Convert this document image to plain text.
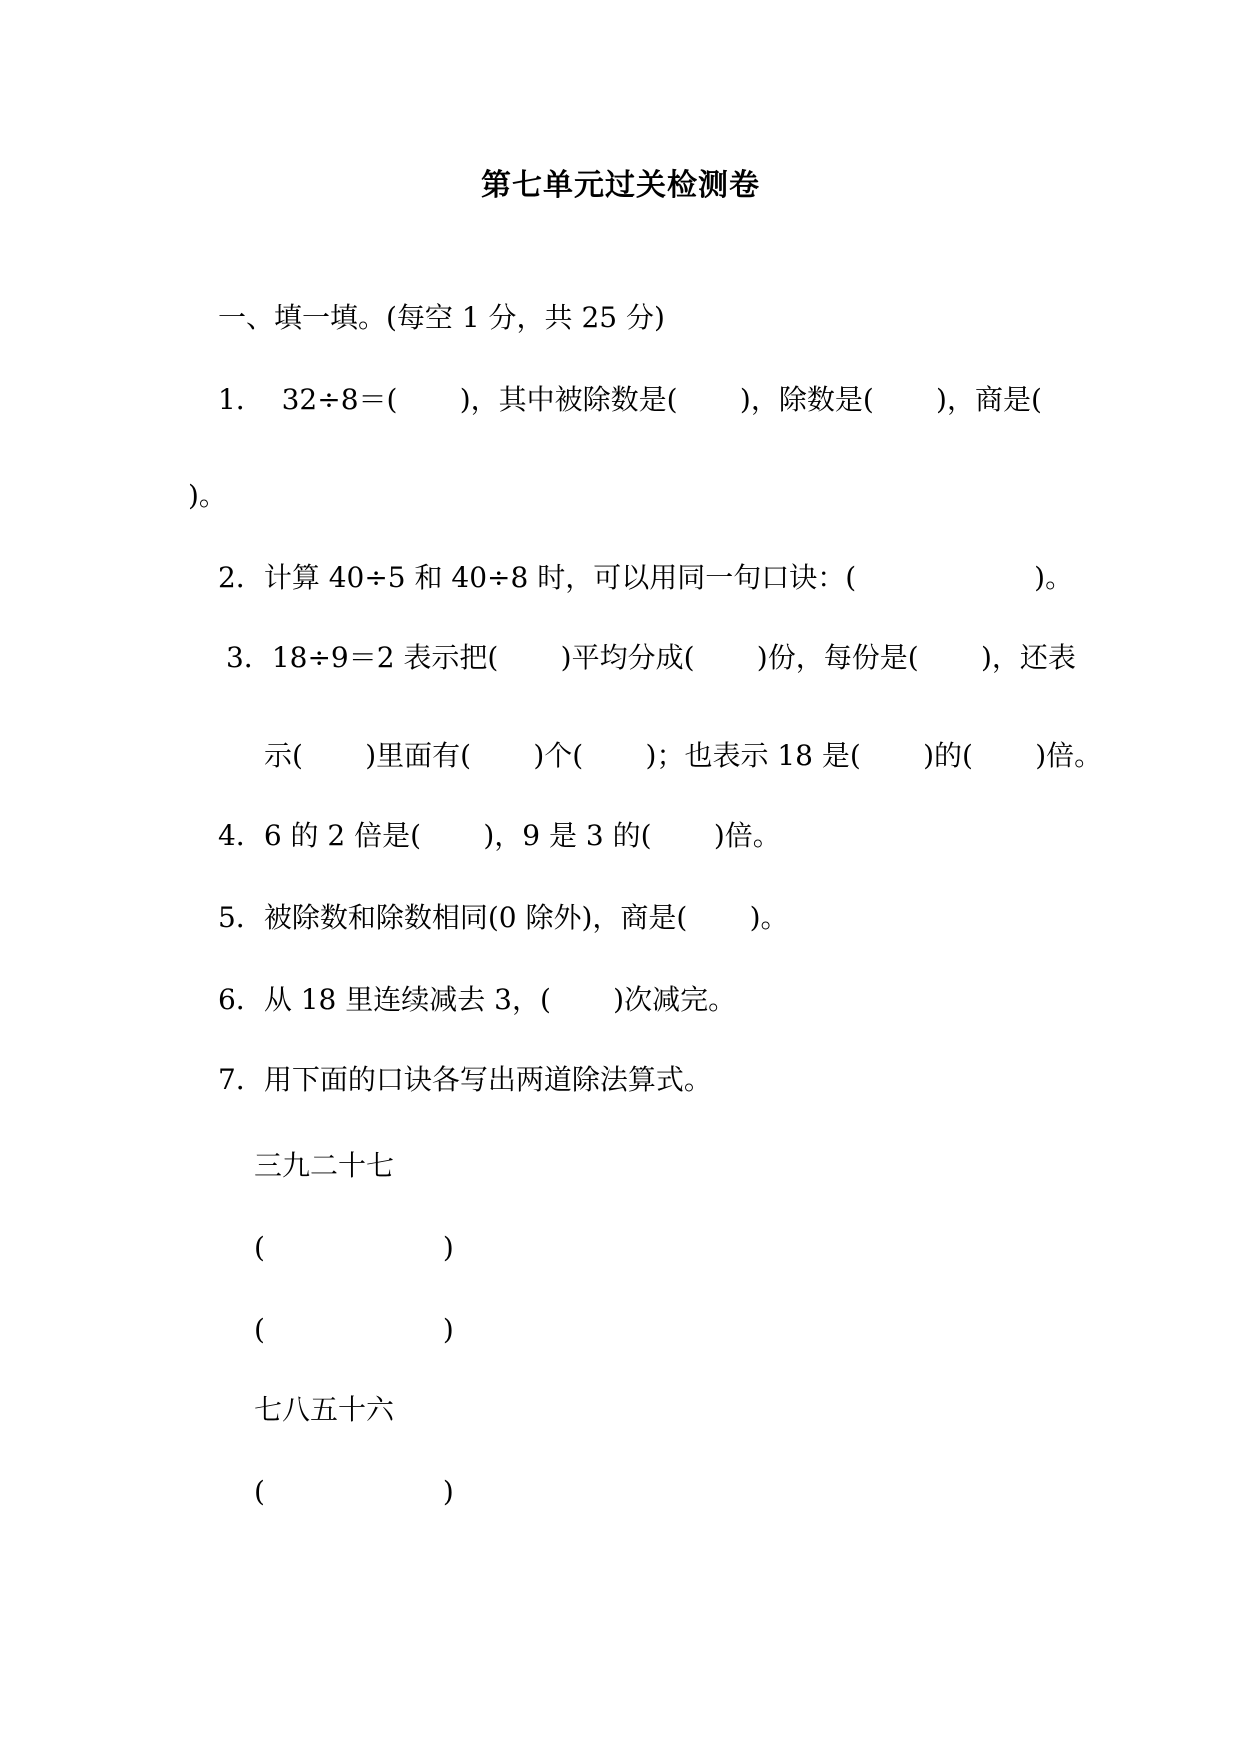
第七单元过关检测卷
一、填一填。(每空 1 分，共 25 分)
1．  32÷8＝(       )，其中被除数是(       )，除数是(       )，商是(
)。
2．计算 40÷5 和 40÷8 时，可以用同一句口诀：(                    )。
3．18÷9＝2 表示把(       )平均分成(       )份，每份是(       )，还表
示(       )里面有(       )个(       )；也表示 18 是(       )的(       )倍。
4．6 的 2 倍是(       )，9 是 3 的(       )倍。
5．被除数和除数相同(0 除外)，商是(       )。
6．从 18 里连续减去 3，(       )次减完。
7．用下面的口诀各写出两道除法算式。
三九二十七
(                    )
(                    )
七八五十六
(                    )
